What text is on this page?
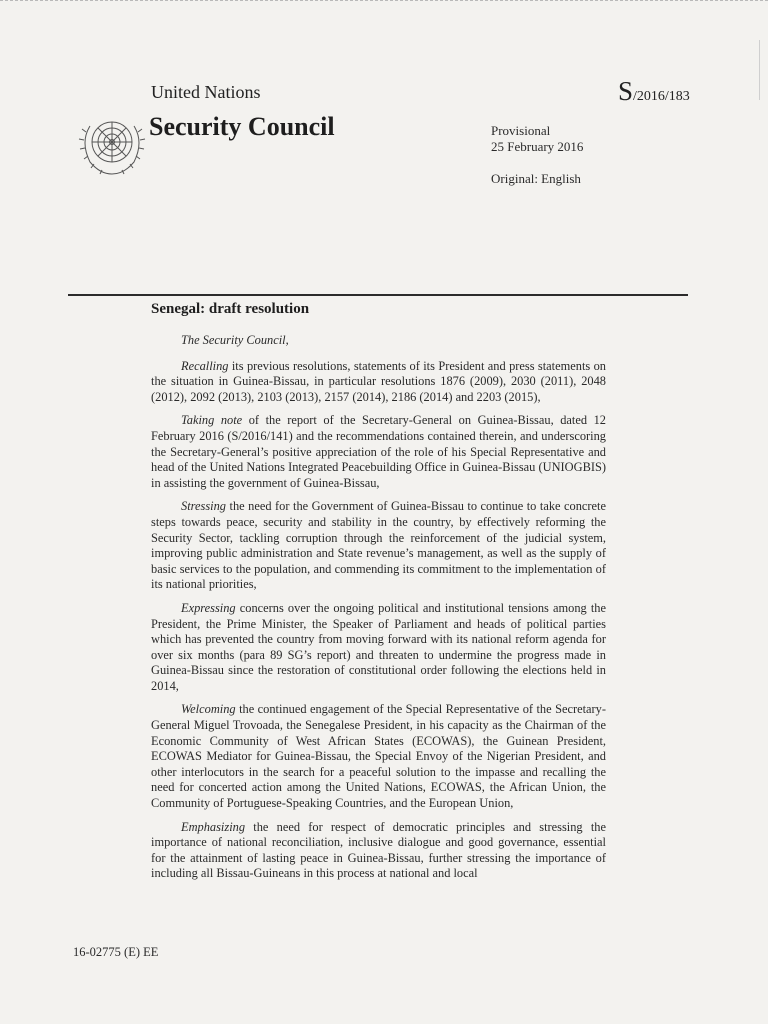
United Nations	S/2016/183
Security Council	Provisional
25 February 2016
Original: English
Senegal: draft resolution

The Security Council,

Recalling its previous resolutions, statements of its President and press statements on the situation in Guinea-Bissau, in particular resolutions 1876 (2009), 2030 (2011), 2048 (2012), 2092 (2013), 2103 (2013), 2157 (2014), 2186 (2014) and 2203 (2015),

Taking note of the report of the Secretary-General on Guinea-Bissau, dated 12 February 2016 (S/2016/141) and the recommendations contained therein, and underscoring the Secretary-General’s positive appreciation of the role of his Special Representative and head of the United Nations Integrated Peacebuilding Office in Guinea-Bissau (UNIOGBIS) in assisting the government of Guinea-Bissau,

Stressing the need for the Government of Guinea-Bissau to continue to take concrete steps towards peace, security and stability in the country, by effectively reforming the Security Sector, tackling corruption through the reinforcement of the judicial system, improving public administration and State revenue’s management, as well as the supply of basic services to the population, and commending its commitment to the implementation of its national priorities,

Expressing concerns over the ongoing political and institutional tensions among the President, the Prime Minister, the Speaker of Parliament and heads of political parties which has prevented the country from moving forward with its national reform agenda for over six months (para 89 SG’s report) and threaten to undermine the progress made in Guinea-Bissau since the restoration of constitutional order following the elections held in 2014,

Welcoming the continued engagement of the Special Representative of the Secretary-General Miguel Trovoada, the Senegalese President, in his capacity as the Chairman of the Economic Community of West African States (ECOWAS), the Guinean President, ECOWAS Mediator for Guinea-Bissau, the Special Envoy of the Nigerian President, and other interlocutors in the search for a peaceful solution to the impasse and recalling the need for concerted action among the United Nations, ECOWAS, the African Union, the Community of Portuguese-Speaking Countries, and the European Union,

Emphasizing the need for respect of democratic principles and stressing the importance of national reconciliation, inclusive dialogue and good governance, essential for the attainment of lasting peace in Guinea-Bissau, further stressing the importance of including all Bissau-Guineans in this process at national and local

16-02775 (E) EE
